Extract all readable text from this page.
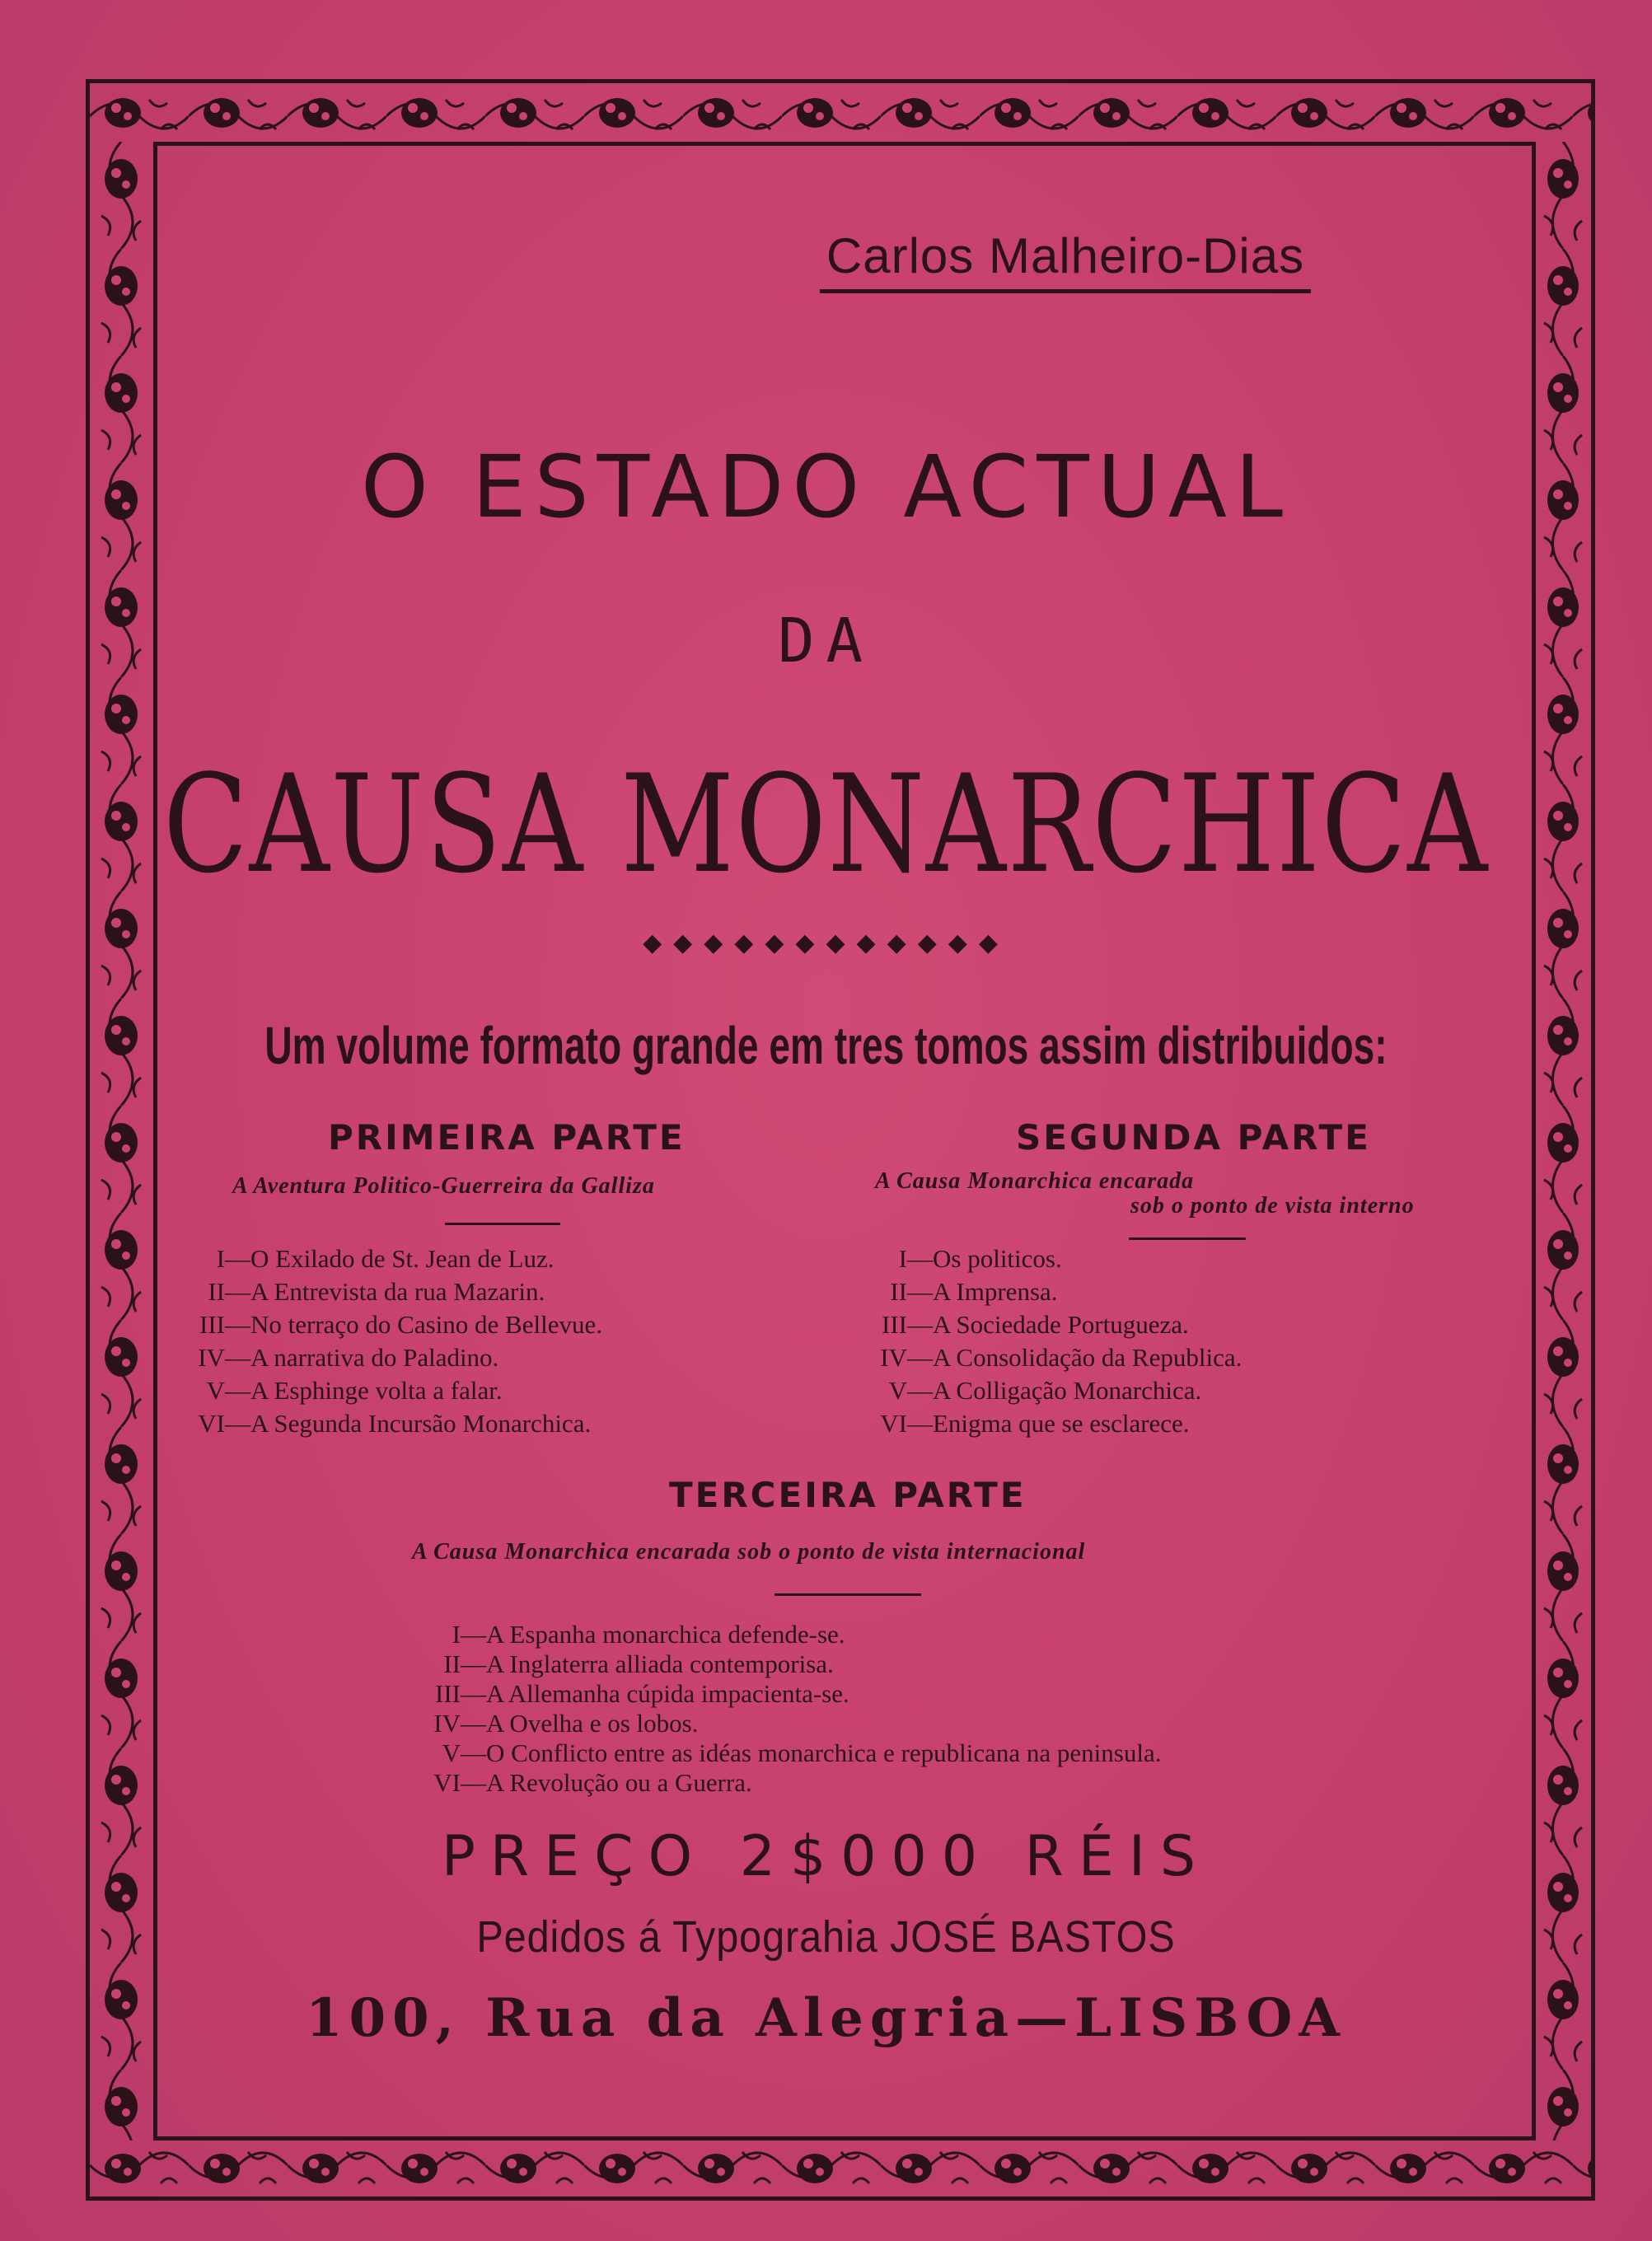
Carlos Malheiro-Dias
O ESTADO ACTUAL
DA
CAUSA MONARCHICA
◆◆◆◆◆◆◆◆◆◆◆◆
Um volume formato grande em tres tomos assim distribuidos:
PRIMEIRA PARTE
A Aventura Politico-Guerreira da Galliza
I—O Exilado de St. Jean de Luz.
II—A Entrevista da rua Mazarin.
III—No terraço do Casino de Bellevue.
IV—A narrativa do Paladino.
V—A Esphinge volta a falar.
VI—A Segunda Incursão Monarchica.
SEGUNDA PARTE
A Causa Monarchica encarada
sob o ponto de vista interno
I—Os politicos.
II—A Imprensa.
III—A Sociedade Portugueza.
IV—A Consolidação da Republica.
V—A Colligação Monarchica.
VI—Enigma que se esclarece.
TERCEIRA PARTE
A Causa Monarchica encarada sob o ponto de vista internacional
I—A Espanha monarchica defende-se.
II—A Inglaterra alliada contemporisa.
III—A Allemanha cúpida impacienta-se.
IV—A Ovelha e os lobos.
V—O Conflicto entre as idéas monarchica e republicana na peninsula.
VI—A Revolução ou a Guerra.
PREÇO 2$000 RÉIS
Pedidos á Typograhia JOSÉ BASTOS
100, Rua da Alegria—LISBOA
